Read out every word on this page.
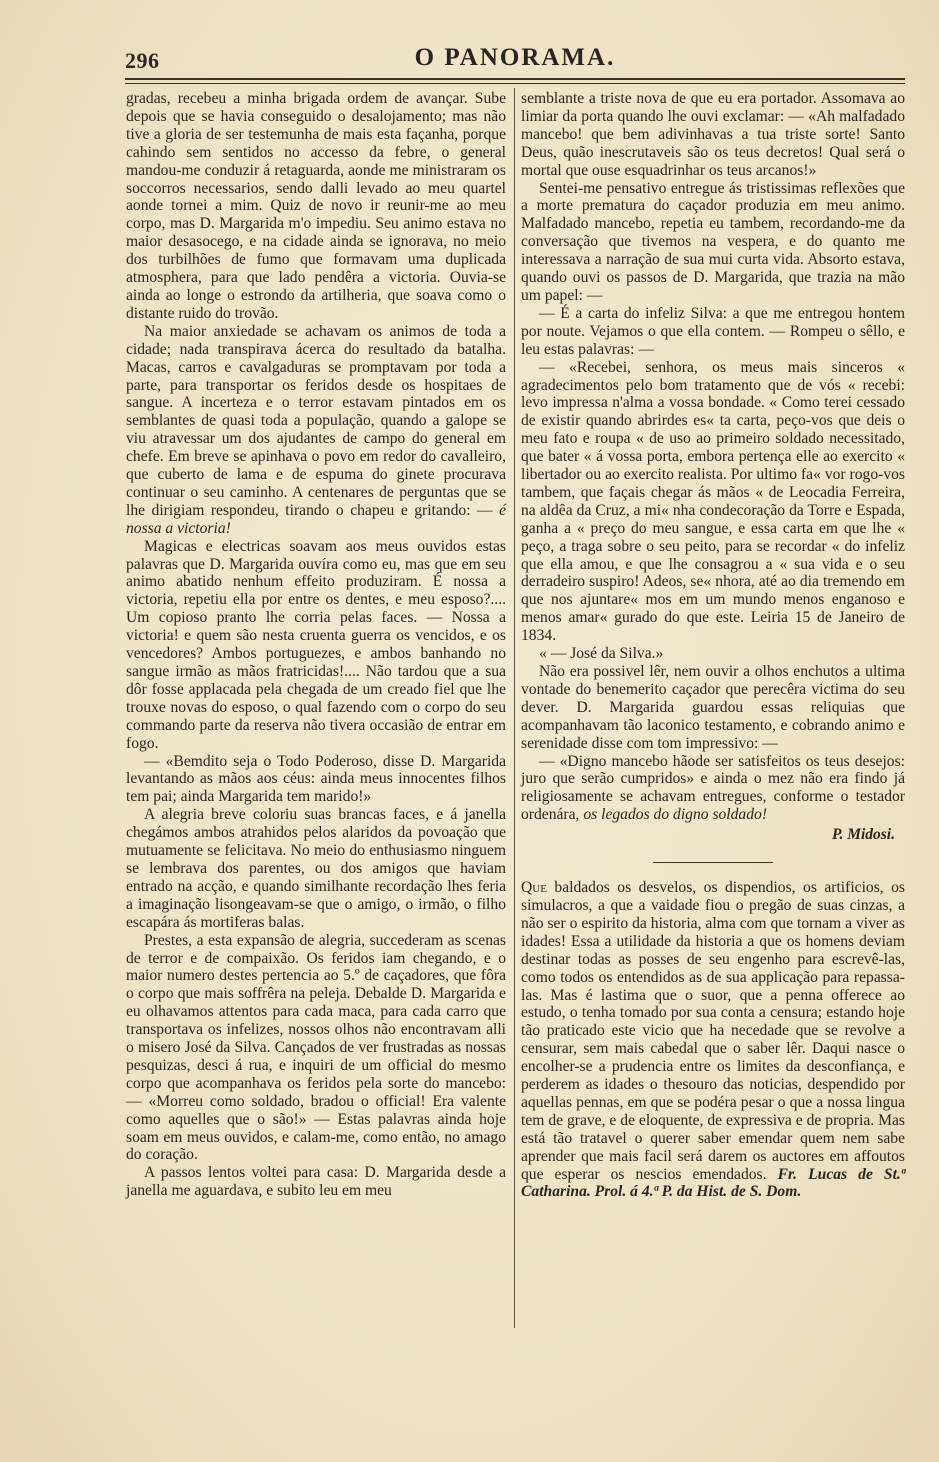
296	O PANORAMA.

gradas, recebeu a minha brigada ordem de avançar. Sube depois que se havia conseguido o desalojamento; mas não tive a gloria de ser testemunha de mais esta façanha, porque cahindo sem sentidos no accesso da febre, o general mandou-me conduzir á retaguarda, aonde me ministraram os soccorros necessarios, sendo dalli levado ao meu quartel aonde tornei a mim. Quiz de novo ir reunir-me ao meu corpo, mas D. Margarida m'o impediu. Seu animo estava no maior desasocego, e na cidade ainda se ignorava, no meio dos turbilhões de fumo que formavam uma duplicada atmosphera, para que lado pendêra a victoria. Ouvia-se ainda ao longe o estrondo da artilheria, que soava como o distante ruido do trovão.

Na maior anxiedade se achavam os animos de toda a cidade; nada transpirava ácerca do resultado da batalha. Macas, carros e cavalgaduras se promptavam por toda a parte, para transportar os feridos desde os hospitaes de sangue. A incerteza e o terror estavam pintados em os semblantes de quasi toda a população, quando a galope se viu atravessar um dos ajudantes de campo do general em chefe. Em breve se apinhava o povo em redor do cavalleiro, que cuberto de lama e de espuma do ginete procurava continuar o seu caminho. A centenares de perguntas que se lhe dirigiam respondeu, tirando o chapeu e gritando: — é nossa a victoria!

Magicas e electricas soavam aos meus ouvidos estas palavras que D. Margarida ouvíra como eu, mas que em seu animo abatido nenhum effeito produziram. É nossa a victoria, repetiu ella por entre os dentes, e meu esposo?.... Um copioso pranto lhe corria pelas faces. — Nossa a victoria! e quem são nesta cruenta guerra os vencidos, e os vencedores? Ambos portuguezes, e ambos banhando no sangue irmão as mãos fratricidas!.... Não tardou que a sua dôr fosse applacada pela chegada de um creado fiel que lhe trouxe novas do esposo, o qual fazendo com o corpo do seu commando parte da reserva não tivera occasião de entrar em fogo.

— «Bemdito seja o Todo Poderoso, disse D. Margarida levantando as mãos aos céus: ainda meus innocentes filhos tem pai; ainda Margarida tem marido!»

A alegria breve coloriu suas brancas faces, e á janella chegámos ambos atrahidos pelos alaridos da povoação que mutuamente se felicitava. No meio do enthusiasmo ninguem se lembrava dos parentes, ou dos amigos que haviam entrado na acção, e quando similhante recordação lhes feria a imaginação lisongeavam-se que o amigo, o irmão, o filho escapára ás mortiferas balas.

Prestes, a esta expansão de alegria, succederam as scenas de terror e de compaixão. Os feridos iam chegando, e o maior numero destes pertencia ao 5.º de caçadores, que fôra o corpo que mais soffrêra na peleja. Debalde D. Margarida e eu olhavamos attentos para cada maca, para cada carro que transportava os infelizes, nossos olhos não encontravam alli o misero José da Silva. Cançados de ver frustradas as nossas pesquizas, desci á rua, e inquiri de um official do mesmo corpo que acompanhava os feridos pela sorte do mancebo: — «Morreu como soldado, bradou o official! Era valente como aquelles que o são!» — Estas palavras ainda hoje soam em meus ouvidos, e calam-me, como então, no amago do coração.

A passos lentos voltei para casa: D. Margarida desde a janella me aguardava, e subito leu em meu

semblante a triste nova de que eu era portador. Assomava ao limiar da porta quando lhe ouvi exclamar: — «Ah malfadado mancebo! que bem adivinhavas a tua triste sorte! Santo Deus, quão inescrutaveis são os teus decretos! Qual será o mortal que ouse esquadrinhar os teus arcanos!»

Sentei-me pensativo entregue ás tristissimas reflexões que a morte prematura do caçador produzia em meu animo. Malfadado mancebo, repetia eu tambem, recordando-me da conversação que tivemos na vespera, e do quanto me interessava a narração de sua mui curta vida. Absorto estava, quando ouvi os passos de D. Margarida, que trazia na mão um papel: —

— É a carta do infeliz Silva: a que me entregou hontem por noute. Vejamos o que ella contem. — Rompeu o sêllo, e leu estas palavras: —

— «Recebei, senhora, os meus mais sinceros « agradecimentos pelo bom tratamento que de vós « recebi: levo impressa n'alma a vossa bondade. « Como terei cessado de existir quando abrirdes es« ta carta, peço-vos que deis o meu fato e roupa « de uso ao primeiro soldado necessitado, que bater « á vossa porta, embora pertença elle ao exercito « libertador ou ao exercito realista. Por ultimo fa« vor rogo-vos tambem, que façais chegar ás mãos « de Leocadia Ferreira, na aldêa da Cruz, a mi« nha condecoração da Torre e Espada, ganha a « preço do meu sangue, e essa carta em que lhe « peço, a traga sobre o seu peito, para se recordar « do infeliz que ella amou, e que lhe consagrou a « sua vida e o seu derradeiro suspiro! Adeos, se« nhora, até ao dia tremendo em que nos ajuntare« mos em um mundo menos enganoso e menos amar« gurado do que este. Leiria 15 de Janeiro de 1834.

« — José da Silva.»

Não era possivel lêr, nem ouvir a olhos enchutos a ultima vontade do benemerito caçador que perecêra victima do seu dever. D. Margarida guardou essas reliquias que acompanhavam tão laconico testamento, e cobrando animo e serenidade disse com tom impressivo: —

— «Digno mancebo hãode ser satisfeitos os teus desejos: juro que serão cumpridos» e ainda o mez não era findo já religiosamente se achavam entregues, conforme o testador ordenára, os legados do digno soldado!

P. Midosi.

Que baldados os desvelos, os dispendios, os artificios, os simulacros, a que a vaidade fiou o pregão de suas cinzas, a não ser o espirito da historia, alma com que tornam a viver as idades! Essa a utilidade da historia a que os homens deviam destinar todas as posses de seu engenho para escrevê-las, como todos os entendidos as de sua applicação para repassa-las. Mas é lastima que o suor, que a penna offerece ao estudo, o tenha tomado por sua conta a censura; estando hoje tão praticado este vicio que ha necedade que se revolve a censurar, sem mais cabedal que o saber lêr. Daqui nasce o encolher-se a prudencia entre os limites da desconfiança, e perderem as idades o thesouro das noticias, despendido por aquellas pennas, em que se podéra pesar o que a nossa lingua tem de grave, e de eloquente, de expressiva e de propria. Mas está tão tratavel o querer saber emendar quem nem sabe aprender que mais facil será darem os auctores em affoutos que esperar os nescios emendados. Fr. Lucas de St.ª Catharina. Prol. á 4.ª P. da Hist. de S. Dom.
